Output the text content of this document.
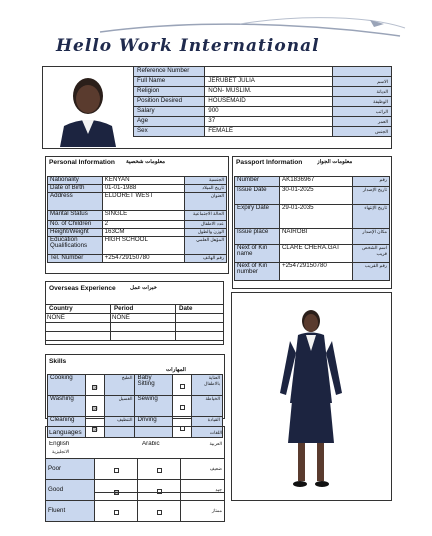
Hello Work International
Reference Number		
Full Name	JERUBET JULIA	الاسم
Religion	NON- MUSLIM.	الديانة
Position Desired	HOUSEMAID	الوظيفة
Salary	900	الراتب
Age	37	العمر
Sex	FEMALE	الجنس
Personal Information معلومات شخصية
Nationality	KENYAN	الجنسية
Date of Birth	01-01-1988	تاريخ الميلاد
Address	ELDORET WEST	العنوان
Marital Status	SINGLE	الحالة الاجتماعية
No. of Children	2	عدد الاطفال
Height/Weight	163CM	الوزن والطول
Education Qualifications	HIGH SCHOOL	المؤهل العلمي
Tel. Number	+254729150780	رقم الهاتف
Passport Information	معلومات الجواز
Number	AK1836967	رقم
Issue Date	30-01-2025	تاريخ الإصدار
Expiry Date	29-01-2035	تاريخ الإنتهاء
Issue place	NAIROBI	مكان الإصدار
Next of Kin name	CLARE CHERA.GAT	اسم الشخص قريب
Next of Kin number	+254729150780	رقم القريب
Overseas Experience	خبرات عمل
Country	Period	Date
NONE	NONE	

Skills
المهارات
Cooking	☒	الطبخ	Baby Sitting		العناية بالاطفال
Washing	☒	الغسيل	Sewing		الخياطة
Cleaning	☒	التنظيف	Driving		القيادة
Languages	اللغات
English
الانجليزية
Arabic	العربية
Poor			ضعيف
Good	☒		جيد
Fluent			ممتاز
